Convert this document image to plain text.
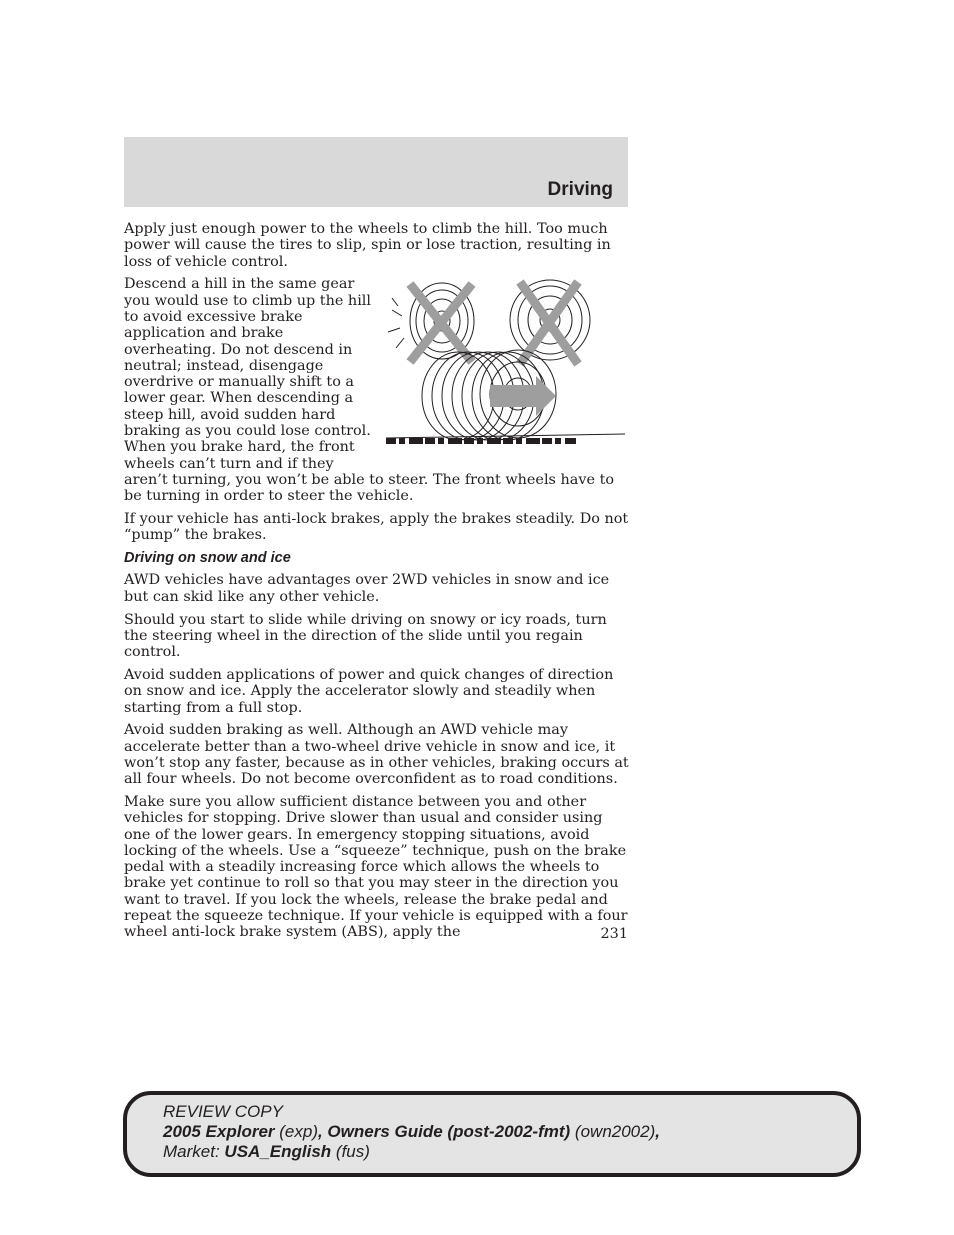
Driving

Apply just enough power to the wheels to climb the hill. Too much power will cause the tires to slip, spin or lose traction, resulting in loss of vehicle control.

Descend a hill in the same gear you would use to climb up the hill to avoid excessive brake application and brake overheating. Do not descend in neutral; instead, disengage overdrive or manually shift to a lower gear. When descending a steep hill, avoid sudden hard braking as you could lose control. When you brake hard, the front wheels can’t turn and if they aren’t turning, you won’t be able to steer. The front wheels have to be turning in order to steer the vehicle.

If your vehicle has anti-lock brakes, apply the brakes steadily. Do not “pump” the brakes.

Driving on snow and ice

AWD vehicles have advantages over 2WD vehicles in snow and ice but can skid like any other vehicle.

Should you start to slide while driving on snowy or icy roads, turn the steering wheel in the direction of the slide until you regain control.

Avoid sudden applications of power and quick changes of direction on snow and ice. Apply the accelerator slowly and steadily when starting from a full stop.

Avoid sudden braking as well. Although an AWD vehicle may accelerate better than a two-wheel drive vehicle in snow and ice, it won’t stop any faster, because as in other vehicles, braking occurs at all four wheels. Do not become overconfident as to road conditions.

Make sure you allow sufficient distance between you and other vehicles for stopping. Drive slower than usual and consider using one of the lower gears. In emergency stopping situations, avoid locking of the wheels. Use a “squeeze” technique, push on the brake pedal with a steadily increasing force which allows the wheels to brake yet continue to roll so that you may steer in the direction you want to travel. If you lock the wheels, release the brake pedal and repeat the squeeze technique. If your vehicle is equipped with a four wheel anti-lock brake system (ABS), apply the	231
REVIEW COPY
2005 Explorer (exp), Owners Guide (post-2002-fmt) (own2002),
Market: USA_English (fus)
